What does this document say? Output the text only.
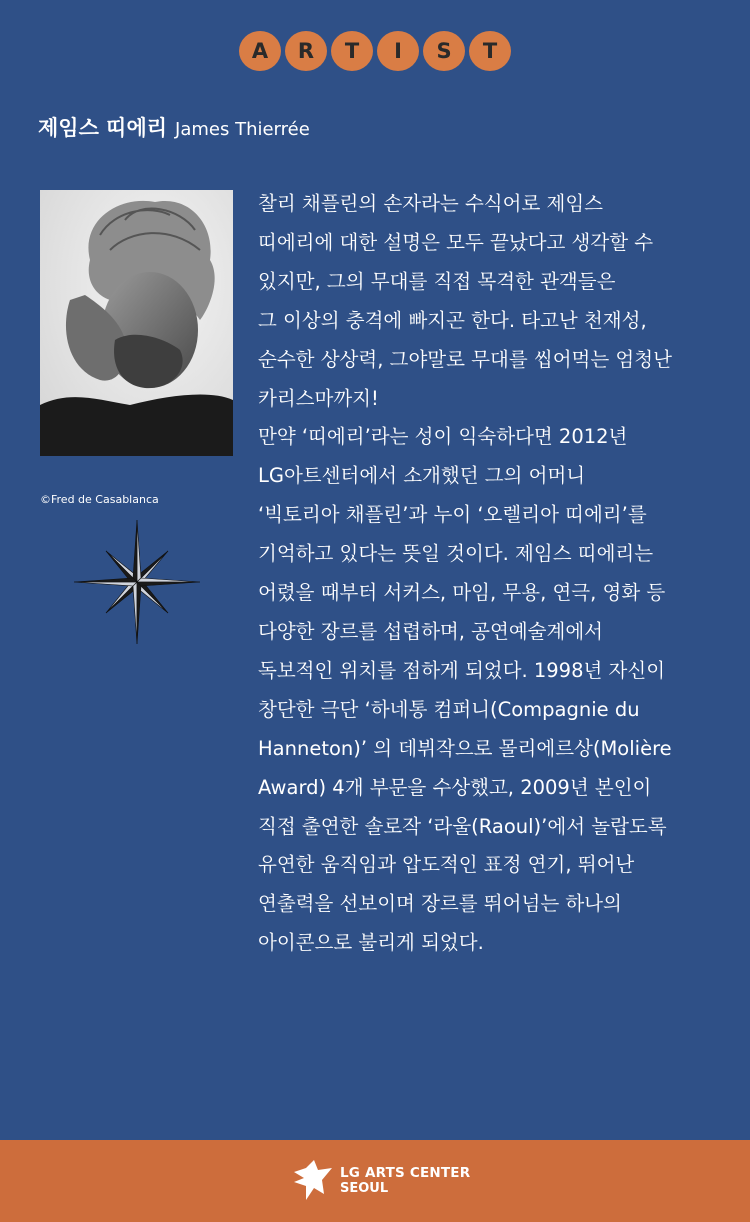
A	R	T	I	S	T
제임스 띠에리 James Thierrée
©Fred de Casablanca

찰리 채플린의 손자라는 수식어로 제임스

띠에리에 대한 설명은 모두 끝났다고 생각할 수

있지만, 그의 무대를 직접 목격한 관객들은

그 이상의 충격에 빠지곤 한다. 타고난 천재성,

순수한 상상력, 그야말로 무대를 씹어먹는 엄청난

카리스마까지!

만약 ‘띠에리’라는 성이 익숙하다면 2012년

LG아트센터에서 소개했던 그의 어머니

‘빅토리아 채플린’과 누이 ‘오렐리아 띠에리’를

기억하고 있다는 뜻일 것이다. 제임스 띠에리는

어렸을 때부터 서커스, 마임, 무용, 연극, 영화 등

다양한 장르를 섭렵하며, 공연예술계에서

독보적인 위치를 점하게 되었다. 1998년 자신이

창단한 극단 ‘하네통 컴퍼니(Compagnie du

Hanneton)’ 의 데뷔작으로 몰리에르상(Molière

Award) 4개 부문을 수상했고, 2009년 본인이

직접 출연한 솔로작 ‘라울(Raoul)’에서 놀랍도록

유연한 움직임과 압도적인 표정 연기, 뛰어난

연출력을 선보이며 장르를 뛰어넘는 하나의

아이콘으로 불리게 되었다.

LG ARTS CENTER
SEOUL
